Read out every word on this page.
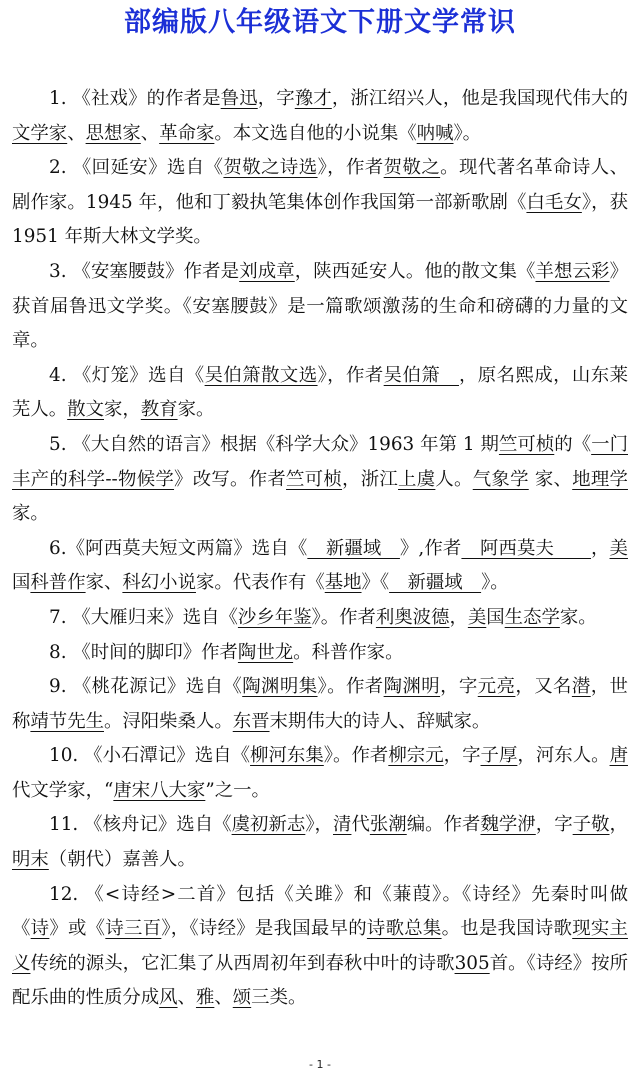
部编版八年级语文下册文学常识

1. 《社戏》的作者是鲁迅，字豫才，浙江绍兴人，他是我国现代伟大的文学家、思想家、革命家。本文选自他的小说集《呐喊》。

2. 《回延安》选自《贺敬之诗选》，作者贺敬之。现代著名革命诗人、剧作家。1945 年，他和丁毅执笔集体创作我国第一部新歌剧《白毛女》，获 1951 年斯大林文学奖。

3. 《安塞腰鼓》作者是刘成章，陕西延安人。他的散文集《羊想云彩》获首届鲁迅文学奖。《安塞腰鼓》是一篇歌颂激荡的生命和磅礴的力量的文章。

4. 《灯笼》选自《吴伯箫散文选》，作者吴伯箫　，原名熙成，山东莱芜人。散文家，教育家。

5. 《大自然的语言》根据《科学大众》1963 年第 1 期竺可桢的《一门丰产的科学--物候学》改写。作者竺可桢，浙江上虞人。气象学 家、地理学 家。

6.《阿西莫夫短文两篇》选自《　新疆域　》,作者　阿西莫夫　　，美国科普作家、科幻小说家。代表作有《基地》《　新疆域　》。

7. 《大雁归来》选自《沙乡年鉴》。作者利奥波德，美国生态学家。

8. 《时间的脚印》作者陶世龙。科普作家。

9. 《桃花源记》选自《陶渊明集》。作者陶渊明，字元亮，又名潜，世称靖节先生。浔阳柴桑人。东晋末期伟大的诗人、辞赋家。

10. 《小石潭记》选自《柳河东集》。作者柳宗元，字子厚，河东人。唐代文学家，“唐宋八大家”之一。

11. 《核舟记》选自《虞初新志》，清代张潮编。作者魏学洢，字子敬，明末（朝代）嘉善人。

12. 《<诗经>二首》包括《关雎》和《蒹葭》。《诗经》先秦时叫做《诗》或《诗三百》，《诗经》是我国最早的诗歌总集。也是我国诗歌现实主义传统的源头，它汇集了从西周初年到春秋中叶的诗歌305首。《诗经》按所配乐曲的性质分成风、雅、颂三类。

- 1 -
